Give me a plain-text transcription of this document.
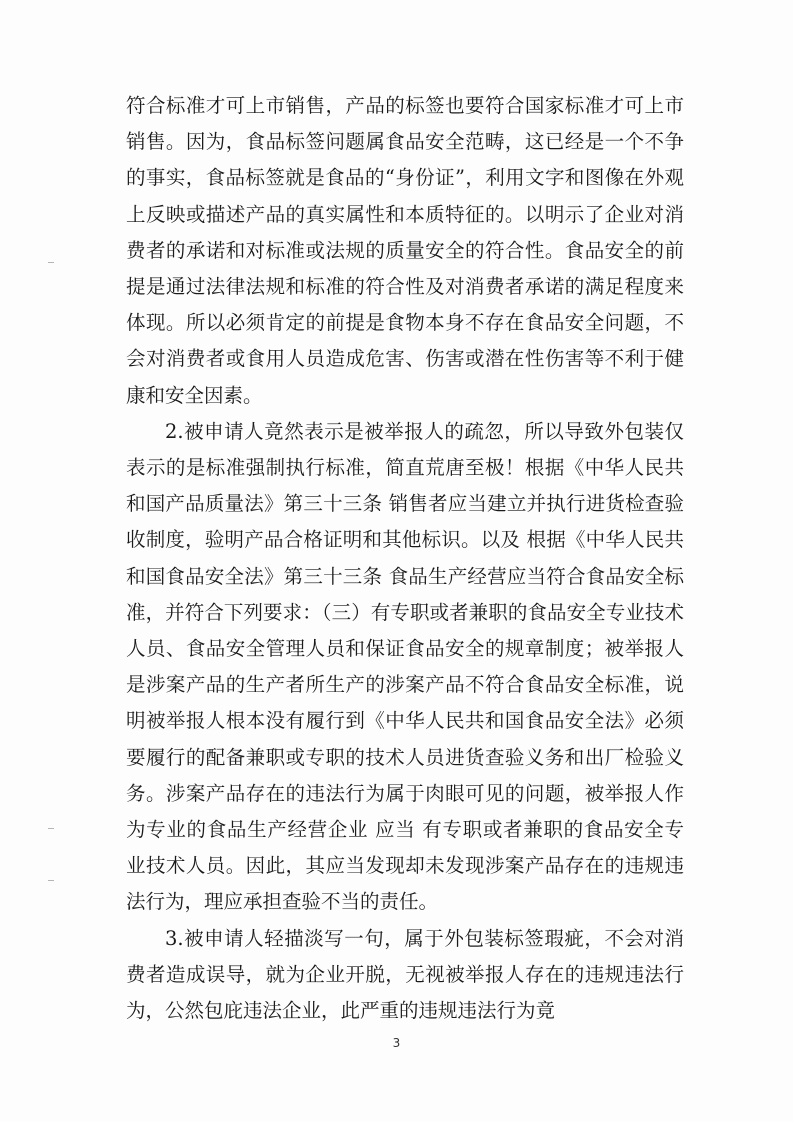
符合标准才可上市销售，产品的标签也要符合国家标准才可上市销售。因为，食品标签问题属食品安全范畴，这已经是一个不争的事实，食品标签就是食品的“身份证”，利用文字和图像在外观上反映或描述产品的真实属性和本质特征的。以明示了企业对消费者的承诺和对标准或法规的质量安全的符合性。食品安全的前提是通过法律法规和标准的符合性及对消费者承诺的满足程度来体现。所以必须肯定的前提是食物本身不存在食品安全问题，不会对消费者或食用人员造成危害、伤害或潜在性伤害等不利于健康和安全因素。

2.被申请人竟然表示是被举报人的疏忽，所以导致外包装仅表示的是标准强制执行标准，简直荒唐至极！根据《中华人民共和国产品质量法》第三十三条 销售者应当建立并执行进货检查验收制度，验明产品合格证明和其他标识。以及 根据《中华人民共和国食品安全法》第三十三条 食品生产经营应当符合食品安全标准，并符合下列要求：（三）有专职或者兼职的食品安全专业技术人员、食品安全管理人员和保证食品安全的规章制度；被举报人是涉案产品的生产者所生产的涉案产品不符合食品安全标准，说明被举报人根本没有履行到《中华人民共和国食品安全法》必须要履行的配备兼职或专职的技术人员进货查验义务和出厂检验义务。涉案产品存在的违法行为属于肉眼可见的问题，被举报人作为专业的食品生产经营企业 应当 有专职或者兼职的食品安全专业技术人员。因此，其应当发现却未发现涉案产品存在的违规违法行为，理应承担查验不当的责任。

3.被申请人轻描淡写一句，属于外包装标签瑕疵，不会对消费者造成误导，就为企业开脱，无视被举报人存在的违规违法行为，公然包庇违法企业，此严重的违规违法行为竟

3
